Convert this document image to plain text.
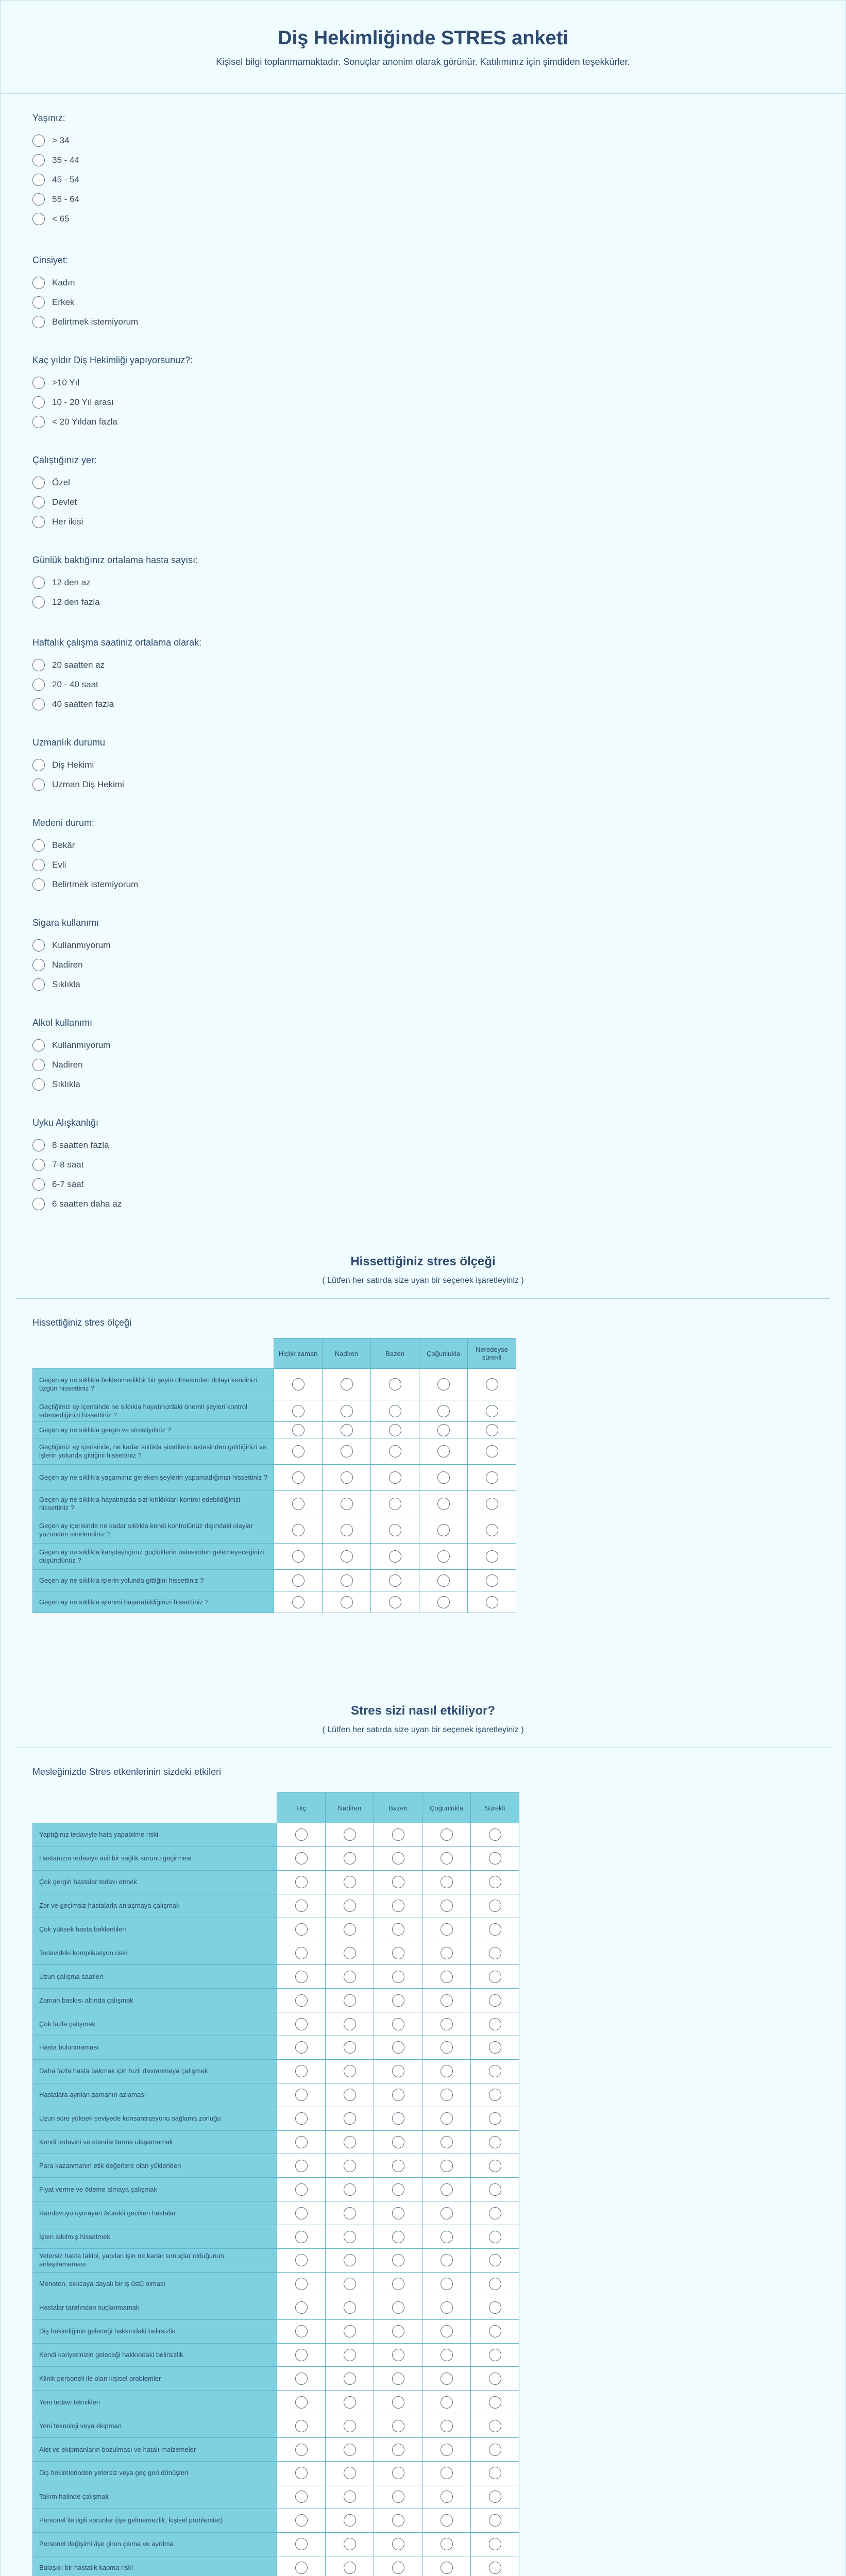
Diş Hekimliğinde STRES anketi

Kişisel bilgi toplanmamaktadır. Sonuçlar anonim olarak görünür. Katılımınız için şimdiden teşekkürler.

Yaşınız:
> 34
35 - 44
45 - 54
55 - 64
< 65
Cinsiyet:
Kadın
Erkek
Belirtmek istemiyorum
Kaç yıldır Diş Hekimliği yapıyorsunuz?:
>10 Yıl
10 - 20 Yıl arası
< 20 Yıldan fazla
Çalıştığınız yer:
Özel
Devlet
Her ikisi
Günlük baktığınız ortalama hasta sayısı:
12 den az
12 den fazla
Haftalık çalışma saatiniz ortalama olarak:
20 saatten az
20 - 40 saat
40 saatten fazla
Uzmanlık durumu
Diş Hekimi
Uzman Diş Hekimi
Medeni durum:
Bekâr
Evli
Belirtmek istemiyorum
Sigara kullanımı
Kullanmıyorum
Nadiren
Sıklıkla
Alkol kullanımı
Kullanmıyorum
Nadiren
Sıklıkla
Uyku Alışkanlığı
8 saatten fazla
7-8 saat
6-7 saat
6 saatten daha az
Hissettiğiniz stres ölçeği

( Lütfen her satırda size uyan bir seçenek işaretleyiniz )

Hissettiğiniz stres ölçeği
	Hiçbir zaman	Nadiren	Bazen	Çoğunlukla	Neredeyse sürekli
Geçen ay ne sıklıkla beklenmedikbir bir şeyin olmasından dolayı kendinizi üzgün hissettiniz ?					
Geçtiğimiz ay içerisinde ne sıklıkla hayatınızdaki önemli şeyleri kontrol edemediğinizi hissettiniz ?					
Geçen ay ne sıklıkla gergin ve stresliydiniz ?					
Geçtiğimiz ay içerisinde, ne kadar sıklıkla şimdilerin üstesinden geldiğinizi ve işlerin yolunda gittiğini hissettiniz ?					
Geçen ay ne sıklıkla yaşamınız gereken şeylerin yapamadığınızı hissettiniz ?					
Geçen ay ne sıklıkla hayatınızda sizi kırıklıkları kontrol edebildiğinizi hissettiniz ?					
Geçen ay içerisinde ne kadar sıklıkla kendi kontrolünüz dışındaki olaylar yüzünden sinirlendiniz ?					
Geçen ay ne sıklıkla karşılaştığınız güçlüklerin üstesinden gelemeyeceğinizi düşündünüz ?					
Geçen ay ne sıklıkla işlerin yolunda gittiğini hissettiniz ?					
Geçen ay ne sıklıkla işlerimi başarabildiğinizi hissettiniz ?					
Stres sizi nasıl etkiliyor?

( Lütfen her satırda size uyan bir seçenek işaretleyiniz )

Mesleğinizde Stres etkenlerinin sizdeki etkileri
	Hiç	Nadiren	Bazen	Çoğunlukla	Sürekli
Yaptığınız tedaviyle hata yapabilme riski					
Hastanızın tedaviye acil bir sağlık sorunu geçirmesi					
Çok gergin hastalar tedavi etmek					
Zor ve geçimsiz hastalarla anlaşmaya çalışmak					
Çok yüksek hasta beklentileri					
Tedavideki komplikasyon riski					
Uzun çalışma saatleri					
Zaman baskısı altında çalışmak					
Çok fazla çalışmak					
Hasta bulunmaması					
Daha fazla hasta bakmak için hızlı davranmaya çalışmak					
Hastalara ayrılan zamanın azlaması					
Uzun süre yüksek seviyede konsantrasyonu sağlama zorluğu					
Kendi tedavini ve standartlarına ulaşamamak					
Para kazanmanın etik değerlere olan yükleriden					
Fiyat verme ve ödeme almaya çalışmak					
Randevuyu uymayan /sürekli geciken hastalar					
İşten sıkılmış hissetmek					
Yetersiz hasta takibi, yapılan işin ne kadar sonuçlar olduğunun anlaşılamaması					
Monoton, sıkıcaya dayalı bir iş üstü olması					
Hastalar tarafından suçlanmamak					
Diş hekimliğinin geleceği hakkındaki belirsizlik					
Kendi kariyerinizin geleceği hakkındaki belirsizlik					
Klinik personeli ile olan kişisel problemler					
Yeni tedavi teknikleri					
Yeni teknoloji veya ekipman					
Alet ve ekipmanların bozulması ve hatalı malzemeler					
Diş hekimlerinden yetersiz veya geç geri dönüşleri					
Takım halinde çalışmak					
Personel ile ilgili sorunlar (işe gelmemezlik, kişisel problemler)					
Personel değişimi /işe giren çıkma ve ayrılma					
Bulaşıcı bir hastalık kapma riski					
